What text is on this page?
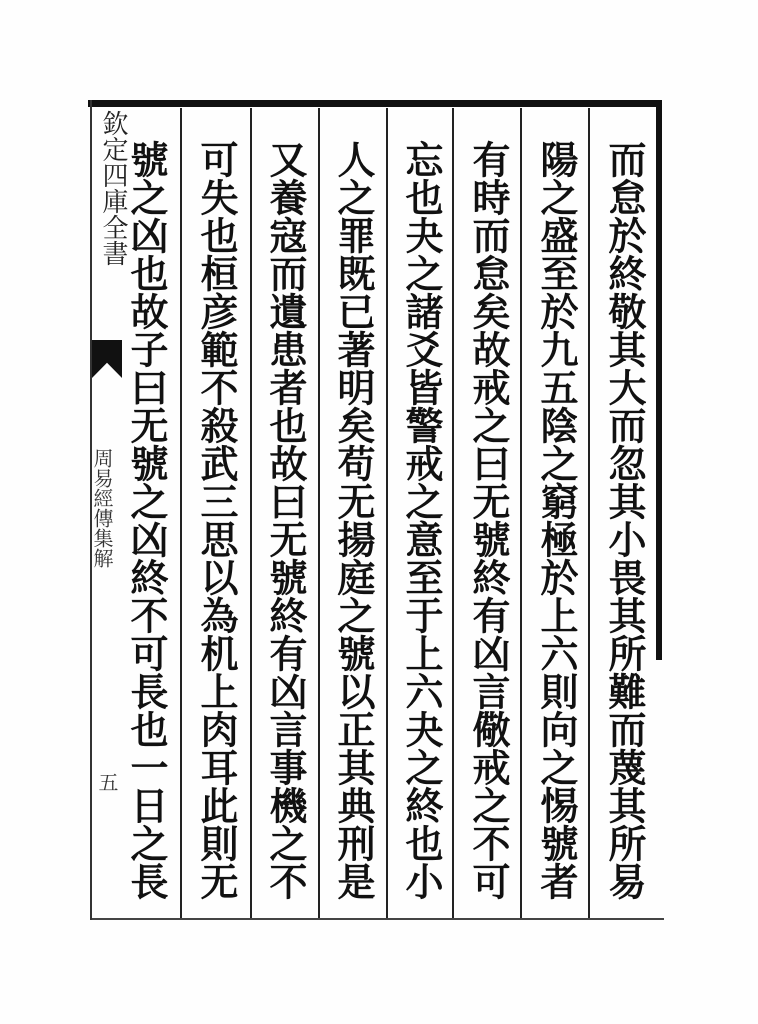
欽定四庫全書
周易經傳集解
五	而怠於終敬其大而忽其小畏其所難而蔑其所易
陽之盛至於九五陰之窮極於上六則向之惕號者
有時而怠矣故戒之曰无號終有凶言儆戒之不可
忘也夬之諸爻皆警戒之意至于上六夬之終也小
人之罪既已著明矣苟无揚庭之號以正其典刑是
又養寇而遺患者也故曰无號終有凶言事機之不
可失也桓彦範不殺武三思以為机上肉耳此則无
號之凶也故子曰无號之凶終不可長也一日之長
